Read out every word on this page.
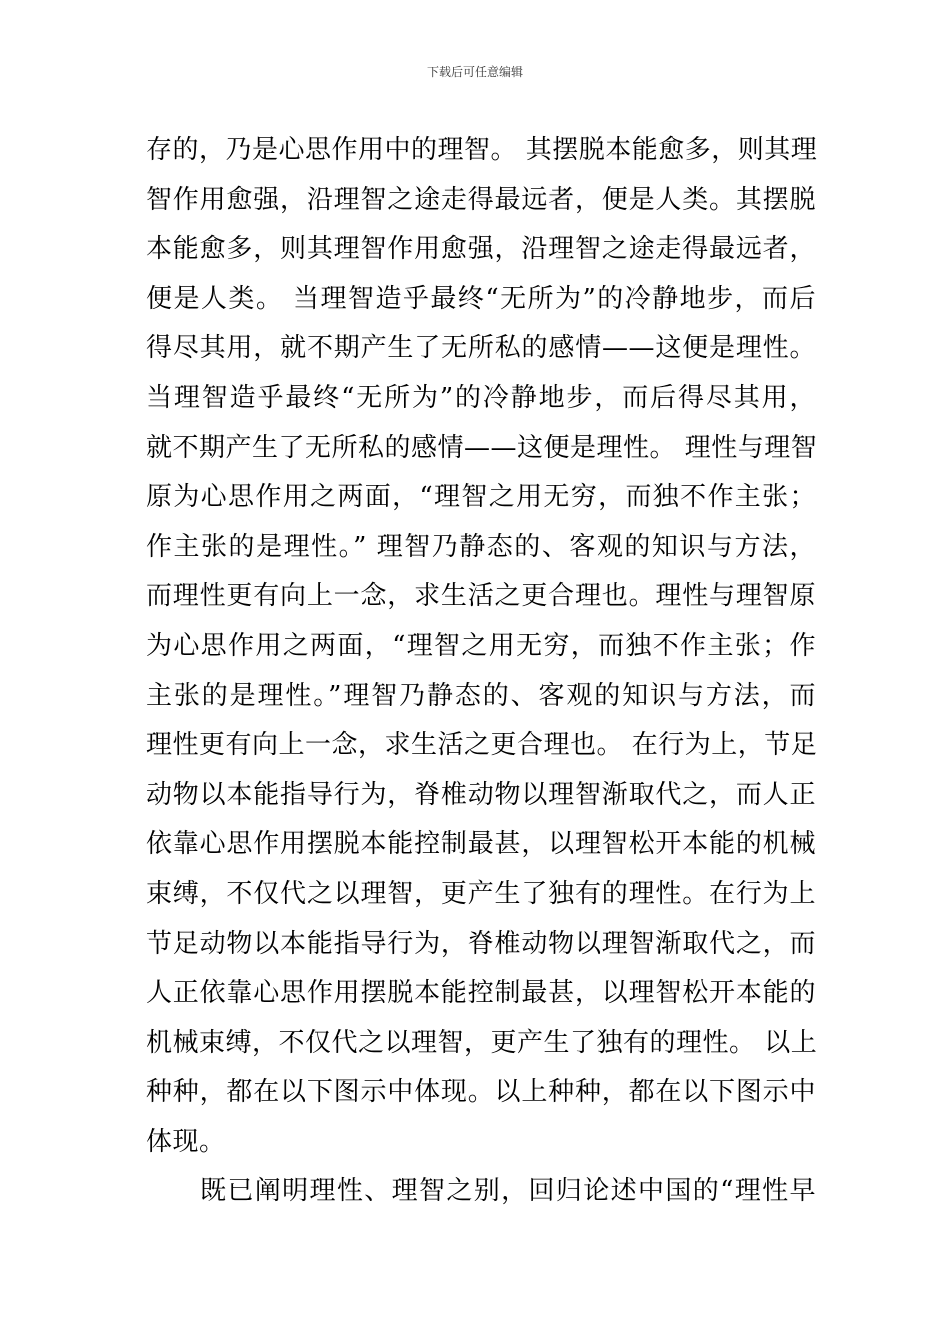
下载后可任意编辑
存的，乃是心思作用中的理智。 其摆脱本能愈多，则其理
智作用愈强，沿理智之途走得最远者，便是人类。其摆脱
本能愈多，则其理智作用愈强，沿理智之途走得最远者，
便是人类。 当理智造乎最终“无所为”的冷静地步，而后
得尽其用，就不期产生了无所私的感情——这便是理性。
当理智造乎最终“无所为”的冷静地步，而后得尽其用，
就不期产生了无所私的感情——这便是理性。 理性与理智
原为心思作用之两面，“理智之用无穷，而独不作主张；
作主张的是理性。” 理智乃静态的、客观的知识与方法，
而理性更有向上一念，求生活之更合理也。理性与理智原
为心思作用之两面，“理智之用无穷，而独不作主张；作
主张的是理性。”理智乃静态的、客观的知识与方法，而
理性更有向上一念，求生活之更合理也。 在行为上，节足
动物以本能指导行为，脊椎动物以理智渐取代之，而人正
依靠心思作用摆脱本能控制最甚，以理智松开本能的机械
束缚，不仅代之以理智，更产生了独有的理性。在行为上
节足动物以本能指导行为，脊椎动物以理智渐取代之，而
人正依靠心思作用摆脱本能控制最甚，以理智松开本能的
机械束缚，不仅代之以理智，更产生了独有的理性。 以上
种种，都在以下图示中体现。以上种种，都在以下图示中
体现。
既已阐明理性、理智之别，回归论述中国的“理性早
